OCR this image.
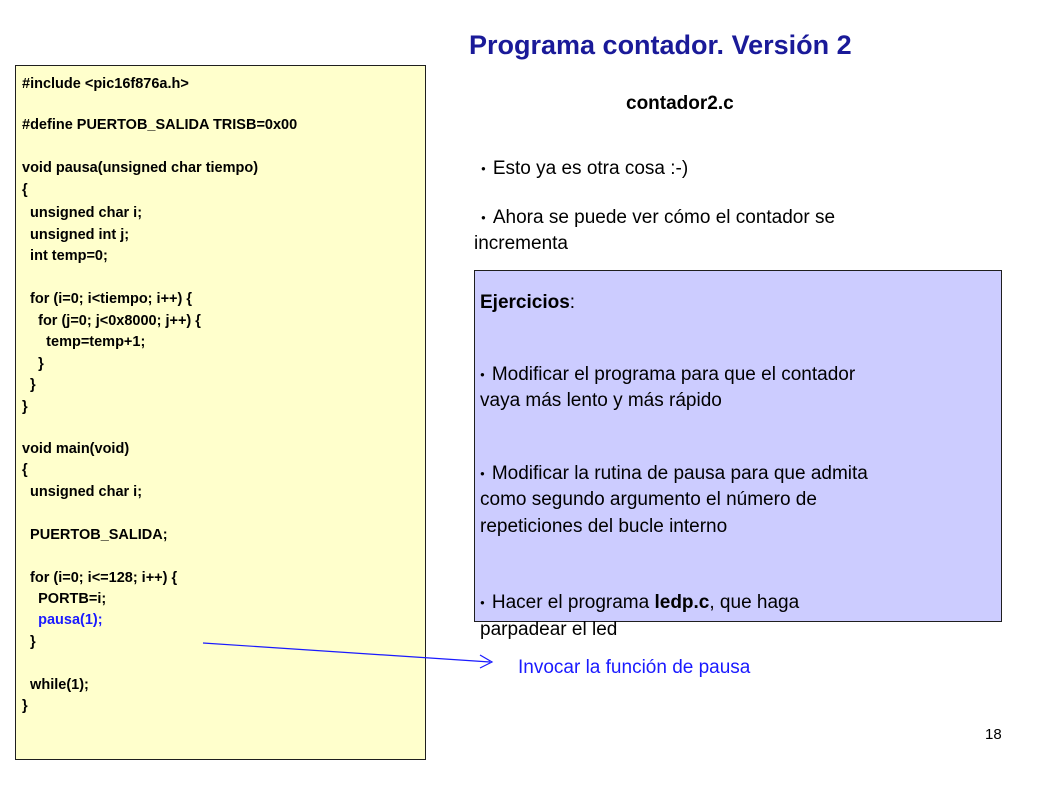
#include <pic16f876a.h>
#define PUERTOB_SALIDA TRISB=0x00
void pausa(unsigned char tiempo)
{
unsigned char i;
unsigned int j;
int temp=0;
for (i=0; i<tiempo; i++) {
for (j=0; j<0x8000; j++) {
temp=temp+1;
}
}
}
void main(void)
{
unsigned char i;
PUERTOB_SALIDA;
for (i=0; i<=128; i++) {
PORTB=i;
pausa(1);
}
while(1);
}
Programa contador. Versión 2
contador2.c
● Esto ya es otra cosa :-)
● Ahora se puede ver cómo el contador se
incrementa
Ejercicios:
● Modificar el programa para que el contador
vaya más lento y más rápido
● Modificar la rutina de pausa para que admita
como segundo argumento el número de
repeticiones del bucle interno
● Hacer el programa ledp.c, que haga
parpadear el led
Invocar la función de pausa
18
